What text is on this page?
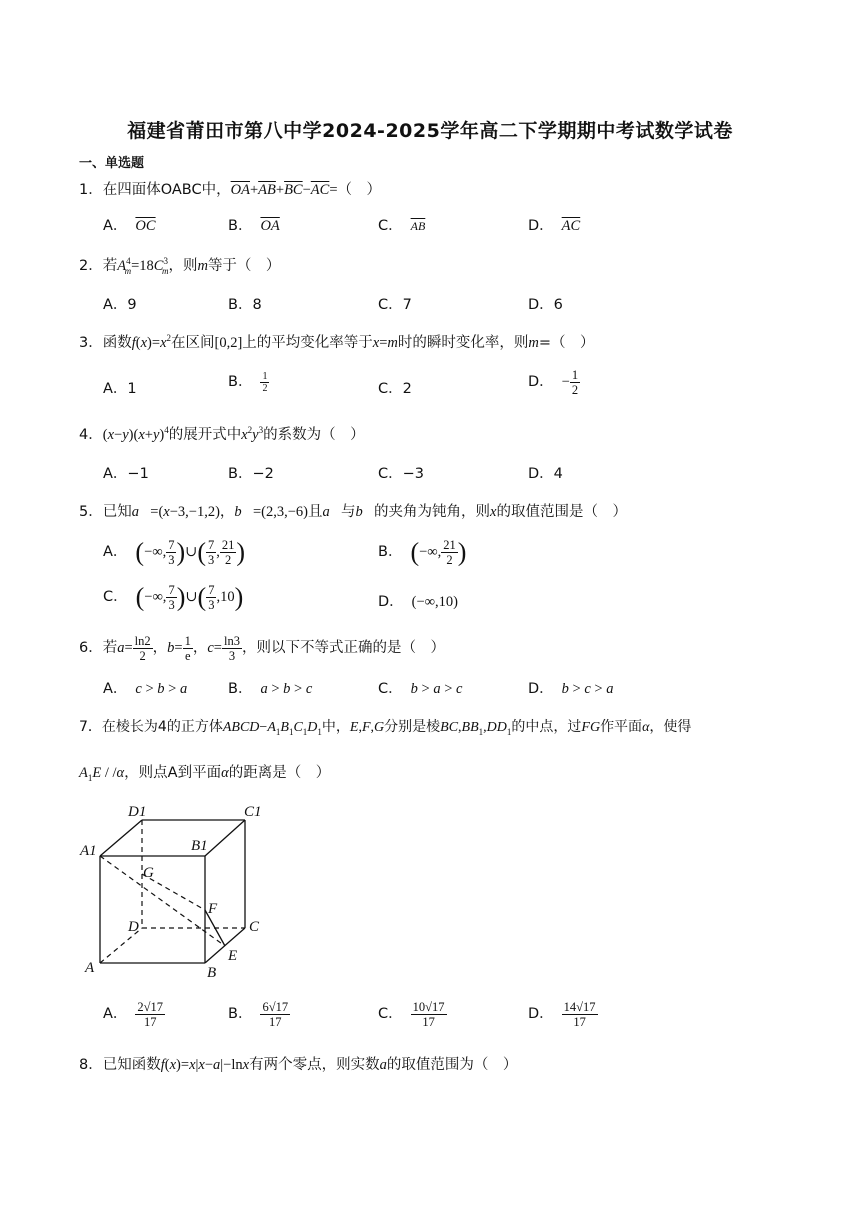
福建省莆田市第八中学2024-2025学年高二下学期期中考试数学试卷
一、单选题
1．在四面体OABC中，$\overline{OA}+\overline{AB}+\overline{BC}-\overline{AC}=$（　）
A． $\overline{OC}$	B． $\overline{OA}$	C． $\overline{AB}$	D． $\overline{AC}$
2．若$A^4_m=18C^3_m$，则m等于（　）
A．9	B．8	C．7	D．6
3．函数$f(x)=x^2$在区间[0,2]上的平均变化率等于x=m时的瞬时变化率，则m=（　）
A．1	B． $\frac{1}{2}$	C．2	D． − $\frac{1}{2}$
4．$(x-y)(x+y)^4$的展开式中$x^2y^3$的系数为（　）
A．−1	B．−2	C．−3	D．4
5．已知a⃗=(x−3,−1,2)，b⃗=(2,3,−6)且a⃗与b⃗的夹角为钝角，则x的取值范围是（　）
A． (−∞, $\frac{7}{3}$ )∪( $\frac{7}{3}$ , $\frac{21}{2}$ )	B． (−∞, $\frac{21}{2}$ )
C． (−∞, $\frac{7}{3}$ )∪( $\frac{7}{3} ,10$)	D． (−∞,10)
6．若$a= \frac{\ln 2}{2}$ ，$b= \frac{1}{e}$ ，$c= \frac{\ln 3}{3}$ ，则以下不等式正确的是（　）
A． c > b > a	B． a > b > c	C． b > a > c	D． b > c > a
7．在棱长为4的正方体$ABCD-A_1B_1C_1D_1$中，E,F,G分别是棱$BC,BB_1,DD_1$的中点，过FG作平面α，使得
$A_1E / /\alpha$，则点A到平面α的距离是（　）
D1	C1
A1	B1
G
F
D	C
E
A	B
A． $\frac{2√17}{17}$	B． $\frac{6√17}{17}$	C． $\frac{10√17}{17}$	D． $\frac{14√17}{17}$
8．已知函数f(x)=x|x−a|−lnx有两个零点，则实数a的取值范围为（　）
